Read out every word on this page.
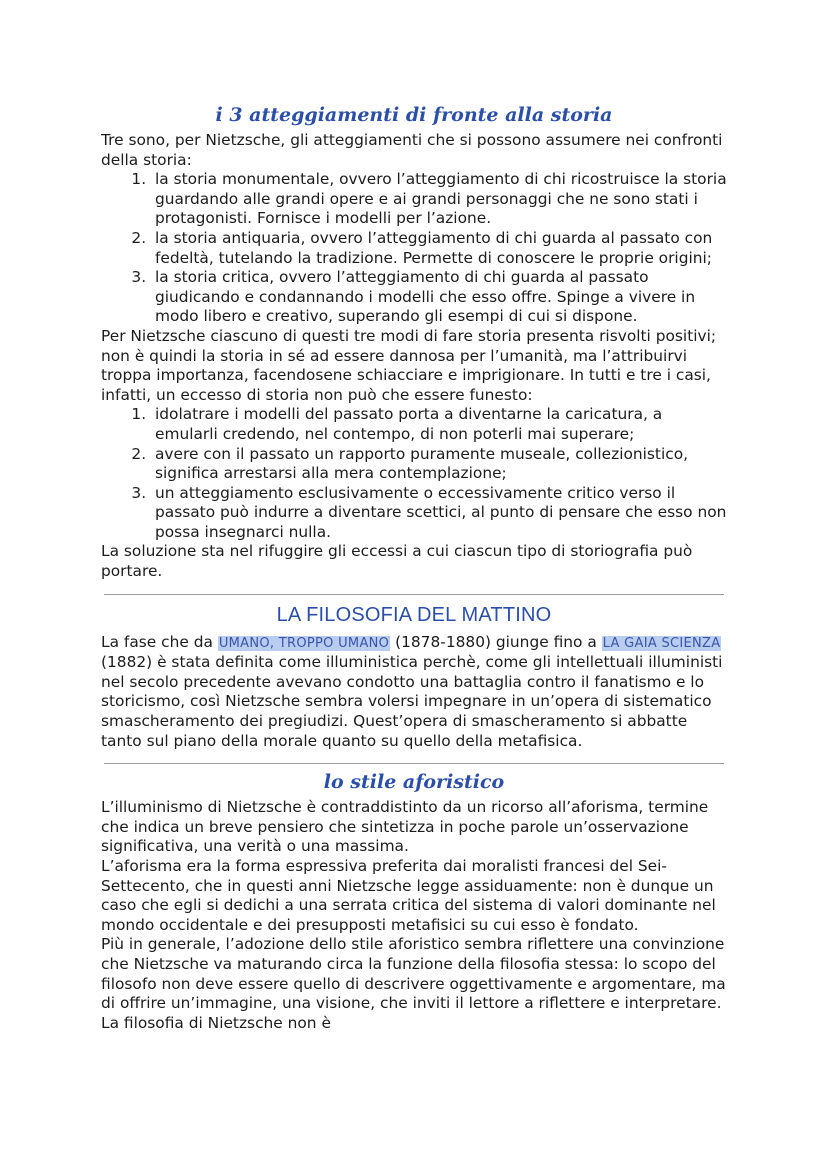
i 3 atteggiamenti di fronte alla storia

Tre sono, per Nietzsche, gli atteggiamenti che si possono assumere nei confronti della storia:

1. la storia monumentale, ovvero l’atteggiamento di chi ricostruisce la storia guardando alle grandi opere e ai grandi personaggi che ne sono stati i protagonisti. Fornisce i modelli per l’azione.
2. la storia antiquaria, ovvero l’atteggiamento di chi guarda al passato con fedeltà, tutelando la tradizione. Permette di conoscere le proprie origini;
3. la storia critica, ovvero l’atteggiamento di chi guarda al passato giudicando e condannando i modelli che esso offre. Spinge a vivere in modo libero e creativo, superando gli esempi di cui si dispone.

Per Nietzsche ciascuno di questi tre modi di fare storia presenta risvolti positivi; non è quindi la storia in sé ad essere dannosa per l’umanità, ma l’attribuirvi troppa importanza, facendosene schiacciare e imprigionare. In tutti e tre i casi, infatti, un eccesso di storia non può che essere funesto:

1. idolatrare i modelli del passato porta a diventarne la caricatura, a emularli credendo, nel contempo, di non poterli mai superare;
2. avere con il passato un rapporto puramente museale, collezionistico, significa arrestarsi alla mera contemplazione;
3. un atteggiamento esclusivamente o eccessivamente critico verso il passato può indurre a diventare scettici, al punto di pensare che esso non possa insegnarci nulla.

La soluzione sta nel rifuggire gli eccessi a cui ciascun tipo di storiografia può portare.

LA FILOSOFIA DEL MATTINO

La fase che da UMANO, TROPPO UMANO (1878-1880) giunge fino a LA GAIA SCIENZA (1882) è stata definita come illuministica perchè, come gli intellettuali illuministi nel secolo precedente avevano condotto una battaglia contro il fanatismo e lo storicismo, così Nietzsche sembra volersi impegnare in un’opera di sistematico smascheramento dei pregiudizi. Quest’opera di smascheramento si abbatte tanto sul piano della morale quanto su quello della metafisica.

lo stile aforistico

L’illuminismo di Nietzsche è contraddistinto da un ricorso all’aforisma, termine che indica un breve pensiero che sintetizza in poche parole un’osservazione significativa, una verità o una massima.

L’aforisma era la forma espressiva preferita dai moralisti francesi del Sei-Settecento, che in questi anni Nietzsche legge assiduamente: non è dunque un caso che egli si dedichi a una serrata critica del sistema di valori dominante nel mondo occidentale e dei presupposti metafisici su cui esso è fondato.

Più in generale, l’adozione dello stile aforistico sembra riflettere una convinzione che Nietzsche va maturando circa la funzione della filosofia stessa: lo scopo del filosofo non deve essere quello di descrivere oggettivamente e argomentare, ma di offrire un’immagine, una visione, che inviti il lettore a riflettere e interpretare. La filosofia di Nietzsche non è
